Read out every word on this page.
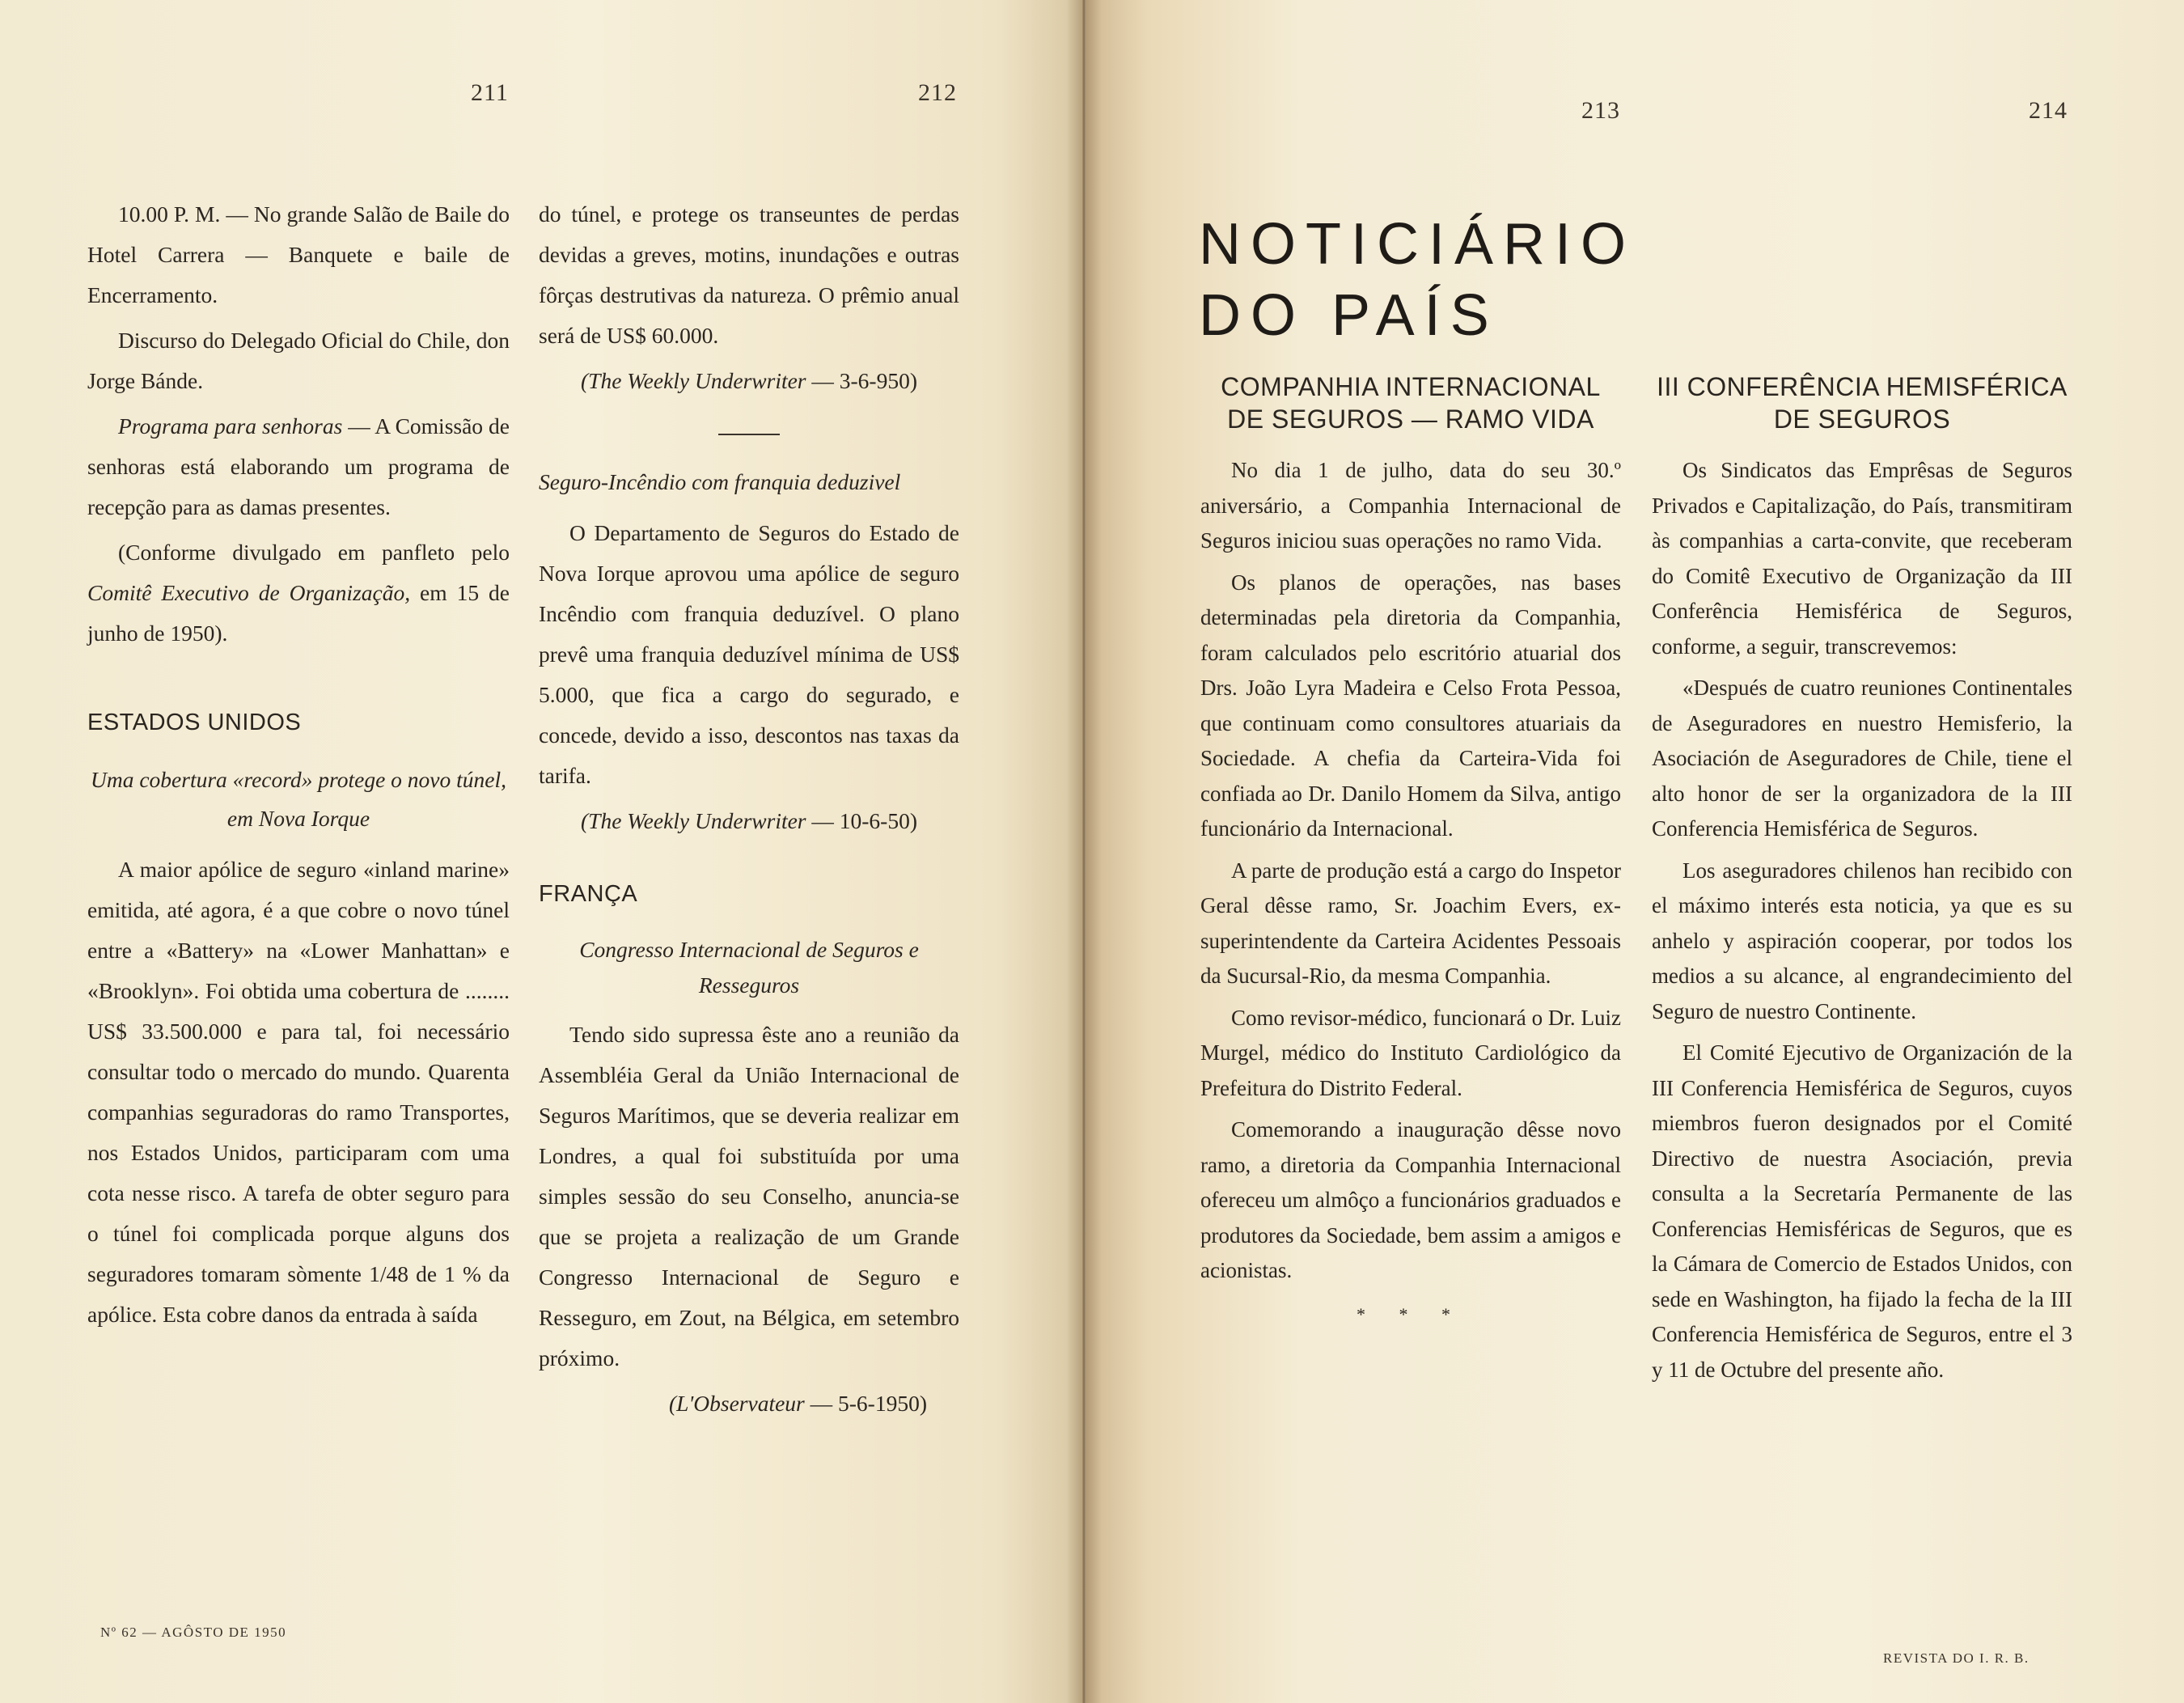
211	212
213	214

10.00 P. M. — No grande Salão de Baile do Hotel Carrera — Banquete e baile de Encerramento.

Discurso do Delegado Oficial do Chile, don Jorge Bánde.

Programa para senhoras — A Comissão de senhoras está elaborando um programa de recepção para as damas presentes.

(Conforme divulgado em panfleto pelo Comitê Executivo de Organização, em 15 de junho de 1950).

ESTADOS UNIDOS
Uma cobertura «record» protege o novo túnel, em Nova Iorque

A maior apólice de seguro «inland marine» emitida, até agora, é a que cobre o novo túnel entre a «Battery» na «Lower Manhattan» e «Brooklyn». Foi obtida uma cobertura de ........ US$ 33.500.000 e para tal, foi necessário consultar todo o mercado do mundo. Quarenta companhias seguradoras do ramo Transportes, nos Estados Unidos, participaram com uma cota nesse risco. A tarefa de obter seguro para o túnel foi complicada porque alguns dos seguradores tomaram sòmente 1/48 de 1 % da apólice. Esta cobre danos da entrada à saída

do túnel, e protege os transeuntes de perdas devidas a greves, motins, inundações e outras fôrças destrutivas da natureza. O prêmio anual será de US$ 60.000.

(The Weekly Underwriter — 3-6-950)
Seguro-Incêndio com franquia deduzivel

O Departamento de Seguros do Estado de Nova Iorque aprovou uma apólice de seguro Incêndio com franquia deduzível. O plano prevê uma franquia deduzível mínima de US$ 5.000, que fica a cargo do segurado, e concede, devido a isso, descontos nas taxas da tarifa.

(The Weekly Underwriter — 10-6-50)
FRANÇA
Congresso Internacional de Seguros e Resseguros

Tendo sido supressa êste ano a reunião da Assembléia Geral da União Internacional de Seguros Marítimos, que se deveria realizar em Londres, a qual foi substituída por uma simples sessão do seu Conselho, anuncia-se que se projeta a realização de um Grande Congresso Internacional de Seguro e Resseguro, em Zout, na Bélgica, em setembro próximo.

(L'Observateur — 5-6-1950)
Nº 62 — AGÔSTO DE 1950
NOTICIÁRIO
DO PAÍS
COMPANHIA INTERNACIONAL DE SEGUROS — RAMO VIDA

No dia 1 de julho, data do seu 30.º aniversário, a Companhia Internacional de Seguros iniciou suas operações no ramo Vida.

Os planos de operações, nas bases determinadas pela diretoria da Companhia, foram calculados pelo escritório atuarial dos Drs. João Lyra Madeira e Celso Frota Pessoa, que continuam como consultores atuariais da Sociedade. A chefia da Carteira-Vida foi confiada ao Dr. Danilo Homem da Silva, antigo funcionário da Internacional.

A parte de produção está a cargo do Inspetor Geral dêsse ramo, Sr. Joachim Evers, ex-superintendente da Carteira Acidentes Pessoais da Sucursal-Rio, da mesma Companhia.

Como revisor-médico, funcionará o Dr. Luiz Murgel, médico do Instituto Cardiológico da Prefeitura do Distrito Federal.

Comemorando a inauguração dêsse novo ramo, a diretoria da Companhia Internacional ofereceu um almôço a funcionários graduados e produtores da Sociedade, bem assim a amigos e acionistas.

* * *
III CONFERÊNCIA HEMISFÉRICA DE SEGUROS

Os Sindicatos das Emprêsas de Seguros Privados e Capitalização, do País, transmitiram às companhias a carta-convite, que receberam do Comitê Executivo de Organização da III Conferência Hemisférica de Seguros, conforme, a seguir, transcrevemos:

«Después de cuatro reuniones Continentales de Aseguradores en nuestro Hemisferio, la Asociación de Aseguradores de Chile, tiene el alto honor de ser la organizadora de la III Conferencia Hemisférica de Seguros.

Los aseguradores chilenos han recibido con el máximo interés esta noticia, ya que es su anhelo y aspiración cooperar, por todos los medios a su alcance, al engrandecimiento del Seguro de nuestro Continente.

El Comité Ejecutivo de Organización de la III Conferencia Hemisférica de Seguros, cuyos miembros fueron designados por el Comité Directivo de nuestra Asociación, previa consulta a la Secretaría Permanente de las Conferencias Hemisféricas de Seguros, que es la Cámara de Comercio de Estados Unidos, con sede en Washington, ha fijado la fecha de la III Conferencia Hemisférica de Seguros, entre el 3 y 11 de Octubre del presente año.

REVISTA DO I. R. B.
